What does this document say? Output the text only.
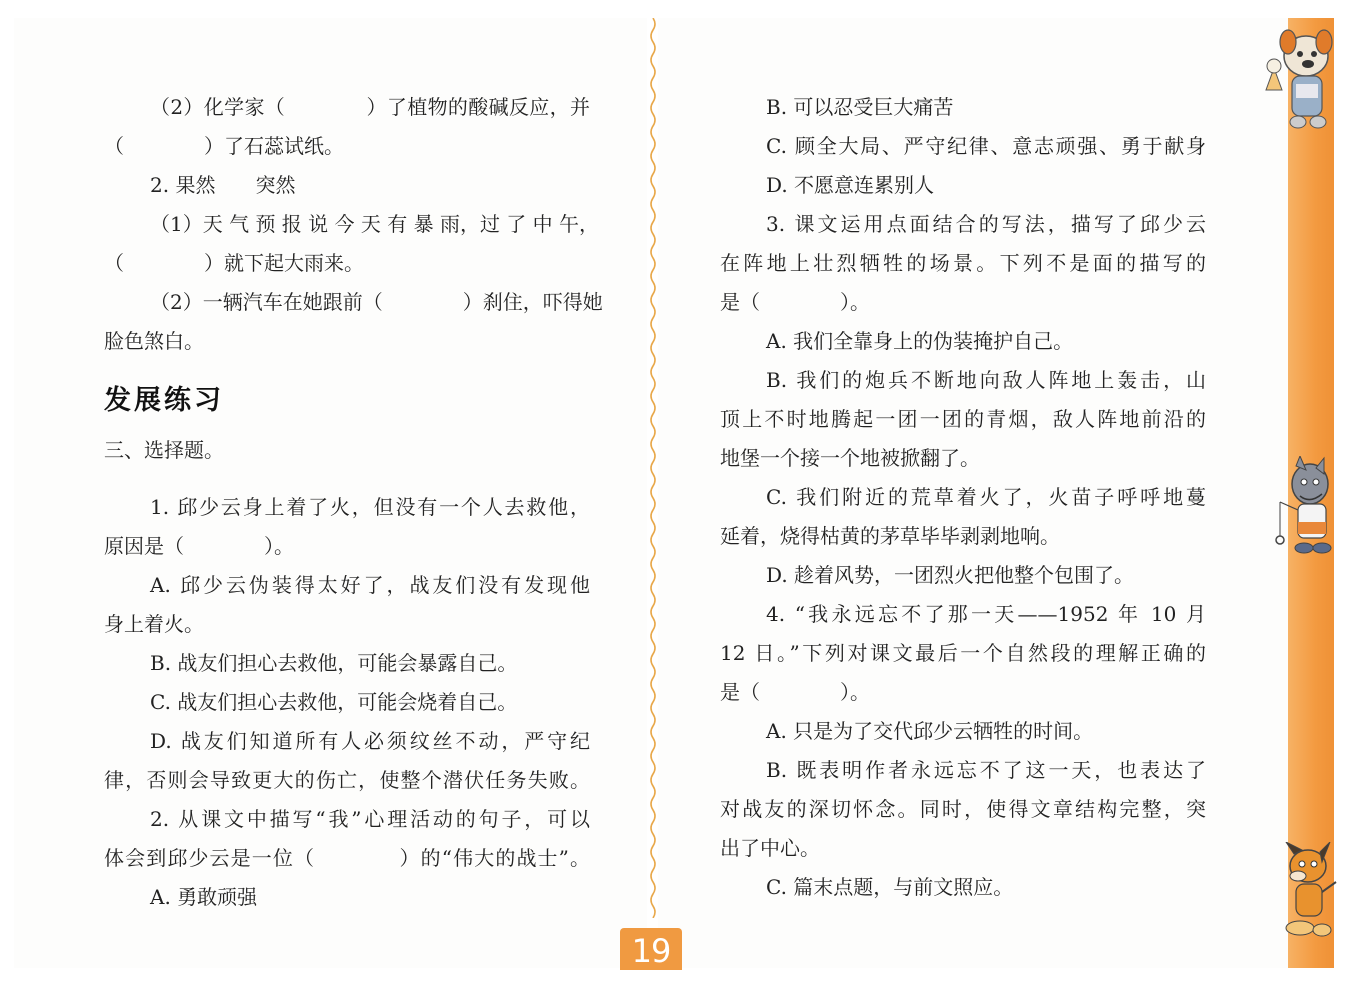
（2）化学家（　　　　）了植物的酸碱反应，并
（　　　　）了石蕊试纸。
2. 果然　　突然
（1）天 气 预 报 说 今 天 有 暴 雨，过 了 中 午，
（　　　　）就下起大雨来。
（2）一辆汽车在她跟前（　　　　）刹住，吓得她
脸色煞白。
发展练习
三、选择题。
1. 邱少云身上着了火，但没有一个人去救他，
原因是（　　　　）。
A. 邱少云伪装得太好了，战友们没有发现他
身上着火。
B. 战友们担心去救他，可能会暴露自己。
C. 战友们担心去救他，可能会烧着自己。
D. 战友们知道所有人必须纹丝不动，严守纪
律，否则会导致更大的伤亡，使整个潜伏任务失败。
2. 从课文中描写“我”心理活动的句子，可以
体会到邱少云是一位（　　　　）的“伟大的战士”。
A. 勇敢顽强
B. 可以忍受巨大痛苦
C. 顾全大局、严守纪律、意志顽强、勇于献身
D. 不愿意连累别人
3. 课文运用点面结合的写法，描写了邱少云
在阵地上壮烈牺牲的场景。下列不是面的描写的
是（　　　　）。
A. 我们全靠身上的伪装掩护自己。
B. 我们的炮兵不断地向敌人阵地上轰击，山
顶上不时地腾起一团一团的青烟，敌人阵地前沿的
地堡一个接一个地被掀翻了。
C. 我们附近的荒草着火了，火苗子呼呼地蔓
延着，烧得枯黄的茅草毕毕剥剥地响。
D. 趁着风势，一团烈火把他整个包围了。
4. “我永远忘不了那一天——1952 年 10 月
12 日。”下列对课文最后一个自然段的理解正确的
是（　　　　）。
A. 只是为了交代邱少云牺牲的时间。
B. 既表明作者永远忘不了这一天，也表达了
对战友的深切怀念。同时，使得文章结构完整，突
出了中心。
C. 篇末点题，与前文照应。
19
